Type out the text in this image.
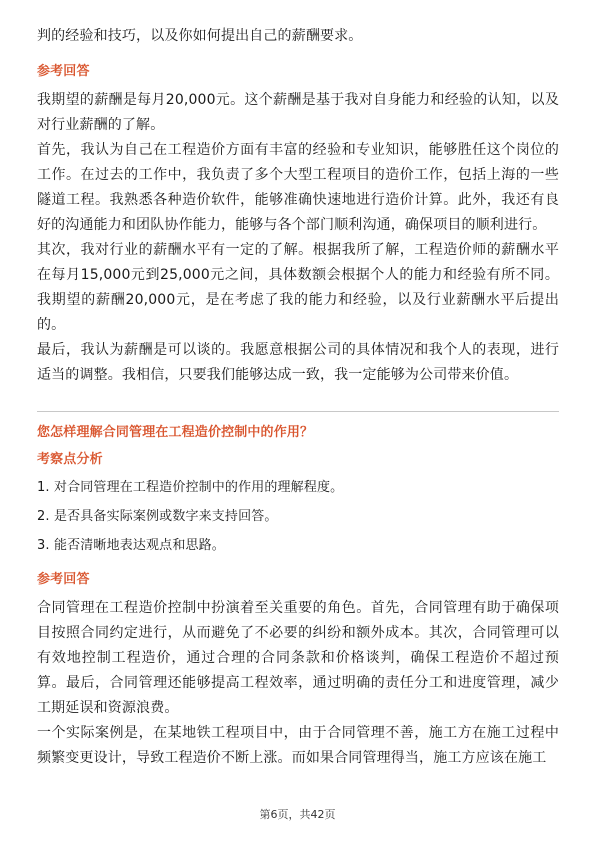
判的经验和技巧，以及你如何提出自己的薪酬要求。

参考回答

我期望的薪酬是每月20,000元。这个薪酬是基于我对自身能力和经验的认知，以及对行业薪酬的了解。

首先，我认为自己在工程造价方面有丰富的经验和专业知识，能够胜任这个岗位的工作。在过去的工作中，我负责了多个大型工程项目的造价工作，包括上海的一些隧道工程。我熟悉各种造价软件，能够准确快速地进行造价计算。此外，我还有良好的沟通能力和团队协作能力，能够与各个部门顺利沟通，确保项目的顺利进行。

其次，我对行业的薪酬水平有一定的了解。根据我所了解，工程造价师的薪酬水平在每月15,000元到25,000元之间，具体数额会根据个人的能力和经验有所不同。我期望的薪酬20,000元，是在考虑了我的能力和经验，以及行业薪酬水平后提出的。

最后，我认为薪酬是可以谈的。我愿意根据公司的具体情况和我个人的表现，进行适当的调整。我相信，只要我们能够达成一致，我一定能够为公司带来价值。

您怎样理解合同管理在工程造价控制中的作用？

考察点分析

1. 对合同管理在工程造价控制中的作用的理解程度。

2. 是否具备实际案例或数字来支持回答。

3. 能否清晰地表达观点和思路。

参考回答

合同管理在工程造价控制中扮演着至关重要的角色。首先，合同管理有助于确保项目按照合同约定进行，从而避免了不必要的纠纷和额外成本。其次，合同管理可以有效地控制工程造价，通过合理的合同条款和价格谈判，确保工程造价不超过预算。最后，合同管理还能够提高工程效率，通过明确的责任分工和进度管理，减少工期延误和资源浪费。

一个实际案例是，在某地铁工程项目中，由于合同管理不善，施工方在施工过程中频繁变更设计，导致工程造价不断上涨。而如果合同管理得当，施工方应该在施工

第6页，共42页
